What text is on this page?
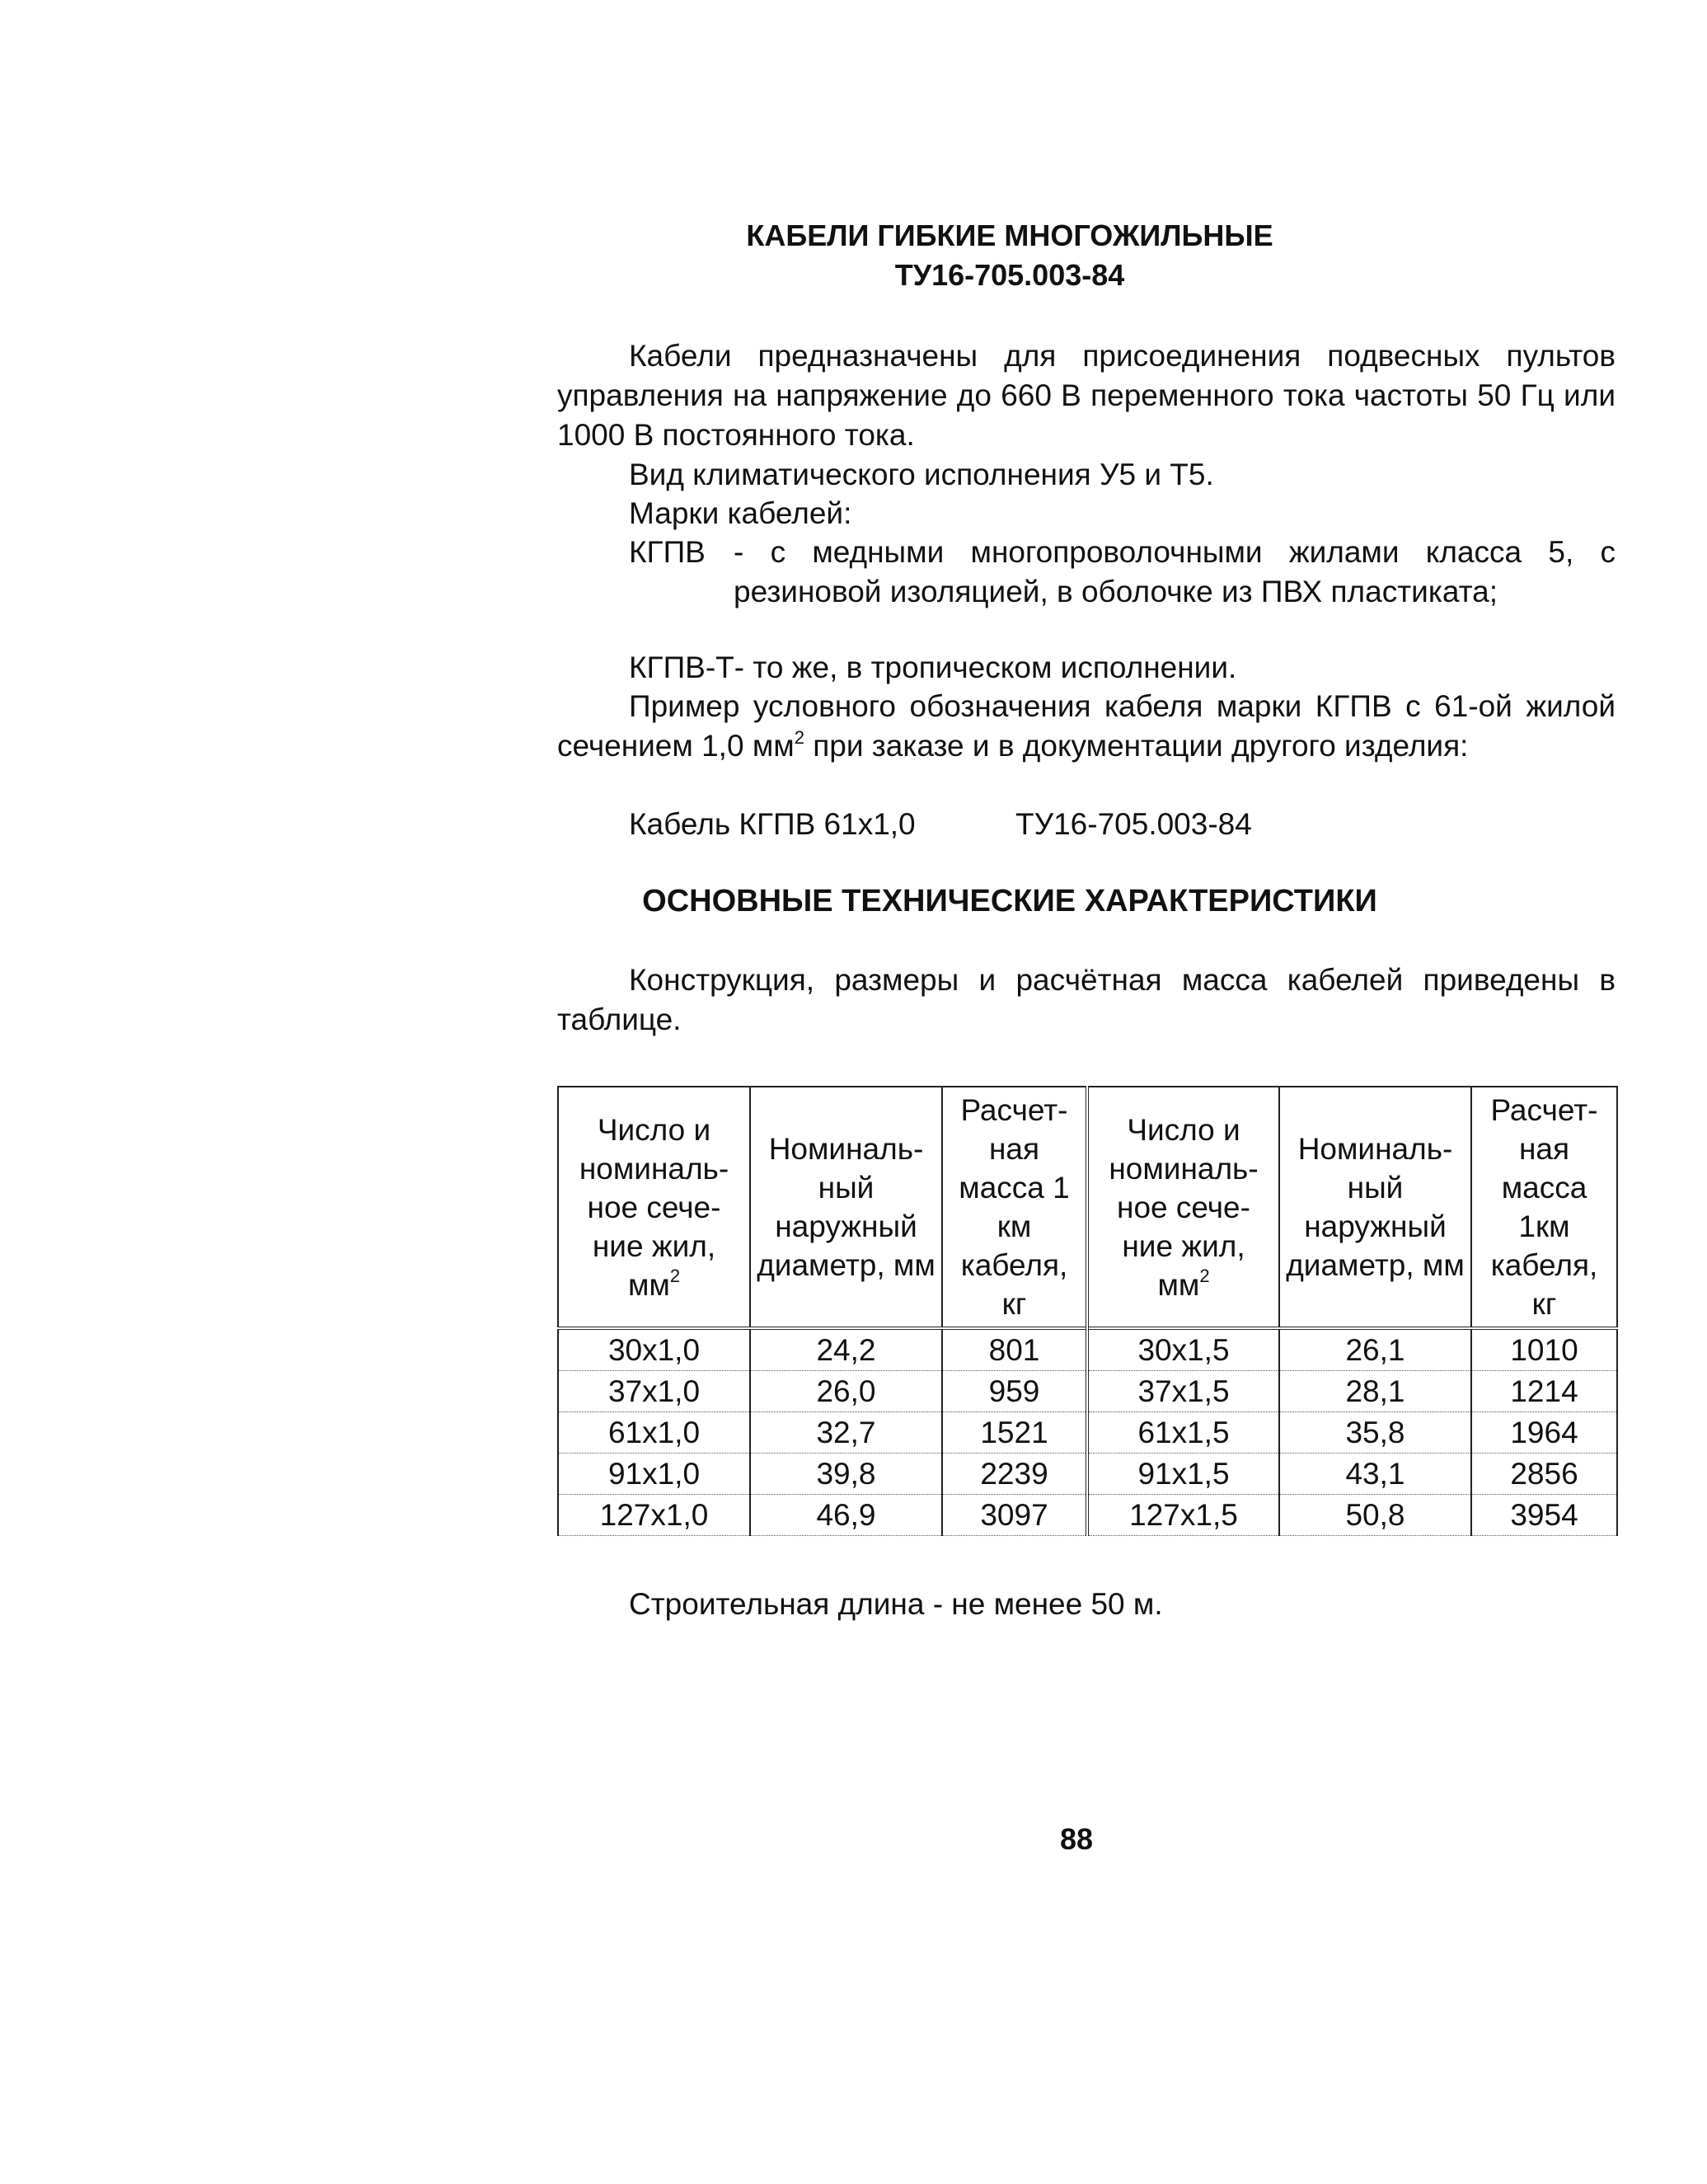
КАБЕЛИ ГИБКИЕ МНОГОЖИЛЬНЫЕ
ТУ16-705.003-84

Кабели предназначены для присоединения подвесных пультов управления на напряжение до 660 В переменного тока частоты 50 Гц или 1000 В постоянного тока.

Вид климатического исполнения У5 и Т5.

Марки кабелей:

КГПВ - с медными многопроволочными жилами класса 5, с резиновой изоляцией, в оболочке из ПВХ пластиката;

КГПВ-Т- то же, в тропическом исполнении.

Пример условного обозначения кабеля марки КГПВ с 61-ой жилой сечением 1,0 $мм^2$ при заказе и в документации другого изделия:

Кабель КГПВ 61х1,0	ТУ16-705.003-84
ОСНОВНЫЕ ТЕХНИЧЕСКИЕ ХАРАКТЕРИСТИКИ

Конструкция, размеры и расчётная масса кабелей приведены в таблице.

Число и номиналь-ное сече-ние жил, $мм^2$	Номиналь-ный наружный диаметр, мм	Расчет-ная масса 1 км кабеля, кг	Число и номиналь-ное сече-ние жил, $мм^2$	Номиналь-ный наружный диаметр, мм	Расчет-ная масса 1км кабеля, кг
30х1,0	24,2	801	30х1,5	26,1	1010
37х1,0	26,0	959	37х1,5	28,1	1214
61х1,0	32,7	1521	61х1,5	35,8	1964
91х1,0	39,8	2239	91х1,5	43,1	2856
127х1,0	46,9	3097	127х1,5	50,8	3954
Строительная длина - не менее 50 м.
88
